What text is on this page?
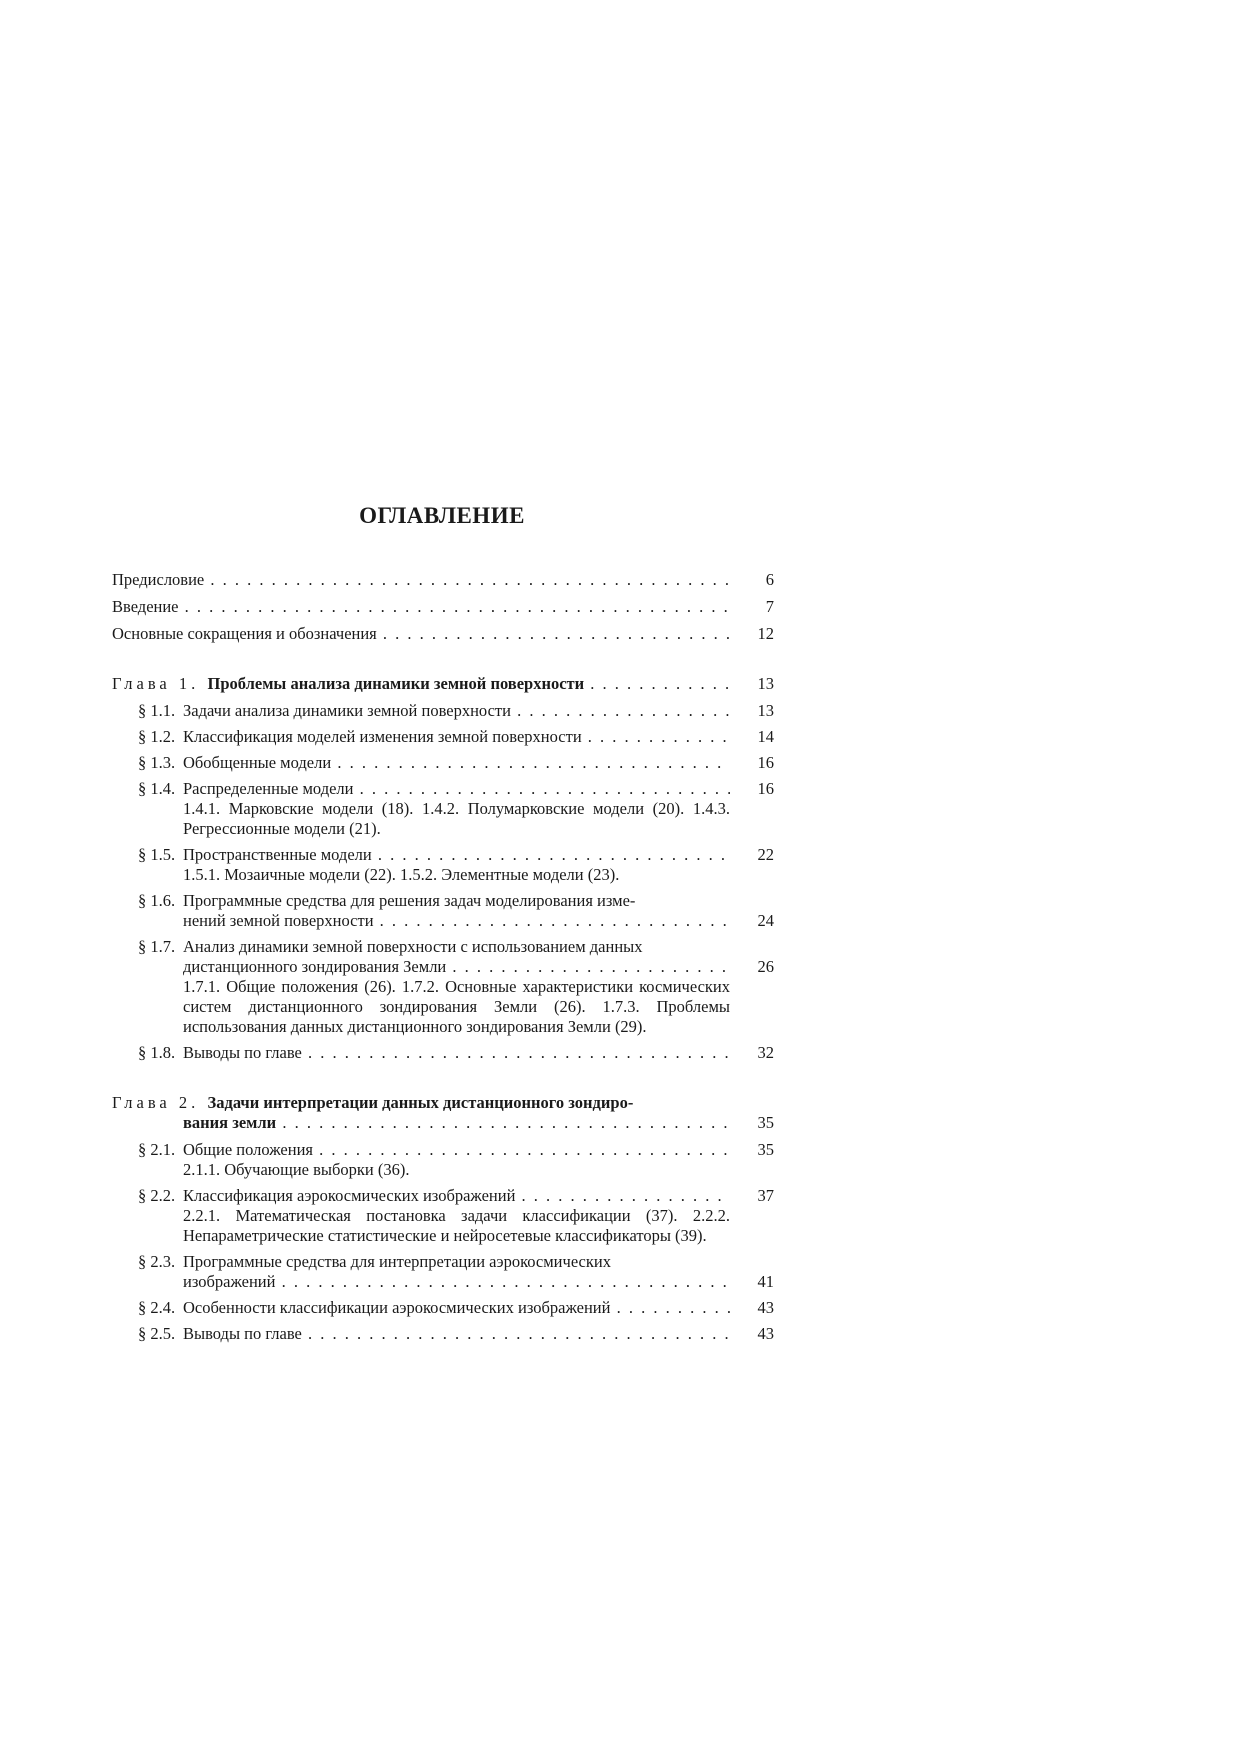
ОГЛАВЛЕНИЕ
Предисловие . . .	6
Введение . . .	7
Основные сокращения и обозначения . . .	12
Глава 1. Проблемы анализа динамики земной поверхности . . .	13
§ 1.1. Задачи анализа динамики земной поверхности . . .	13
§ 1.2. Классификация моделей изменения земной поверхности . . .	14
§ 1.3. Обобщенные модели . . .	16
§ 1.4. Распределенные модели . . .	16
1.4.1. Марковские модели (18). 1.4.2. Полумарковские модели (20). 1.4.3. Регрессионные модели (21).
§ 1.5. Пространственные модели . . .	22
1.5.1. Мозаичные модели (22). 1.5.2. Элементные модели (23).
§ 1.6. Программные средства для решения задач моделирования изме-
нений земной поверхности . . .	24
§ 1.7. Анализ динамики земной поверхности с использованием данных
дистанционного зондирования Земли . . .	26
1.7.1. Общие положения (26). 1.7.2. Основные характеристики космических систем дистанционного зондирования Земли (26). 1.7.3. Проблемы использования данных дистанционного зондирования Земли (29).
§ 1.8. Выводы по главе . . .	32
Глава 2. Задачи интерпретации данных дистанционного зондиро-
вания земли . . .	35
§ 2.1. Общие положения . . .	35
2.1.1. Обучающие выборки (36).
§ 2.2. Классификация аэрокосмических изображений . . .	37
2.2.1. Математическая постановка задачи классификации (37). 2.2.2. Непараметрические статистические и нейросетевые классификаторы (39).
§ 2.3. Программные средства для интерпретации аэрокосмических
изображений . . .	41
§ 2.4. Особенности классификации аэрокосмических изображений . . .	43
§ 2.5. Выводы по главе . . .	43
